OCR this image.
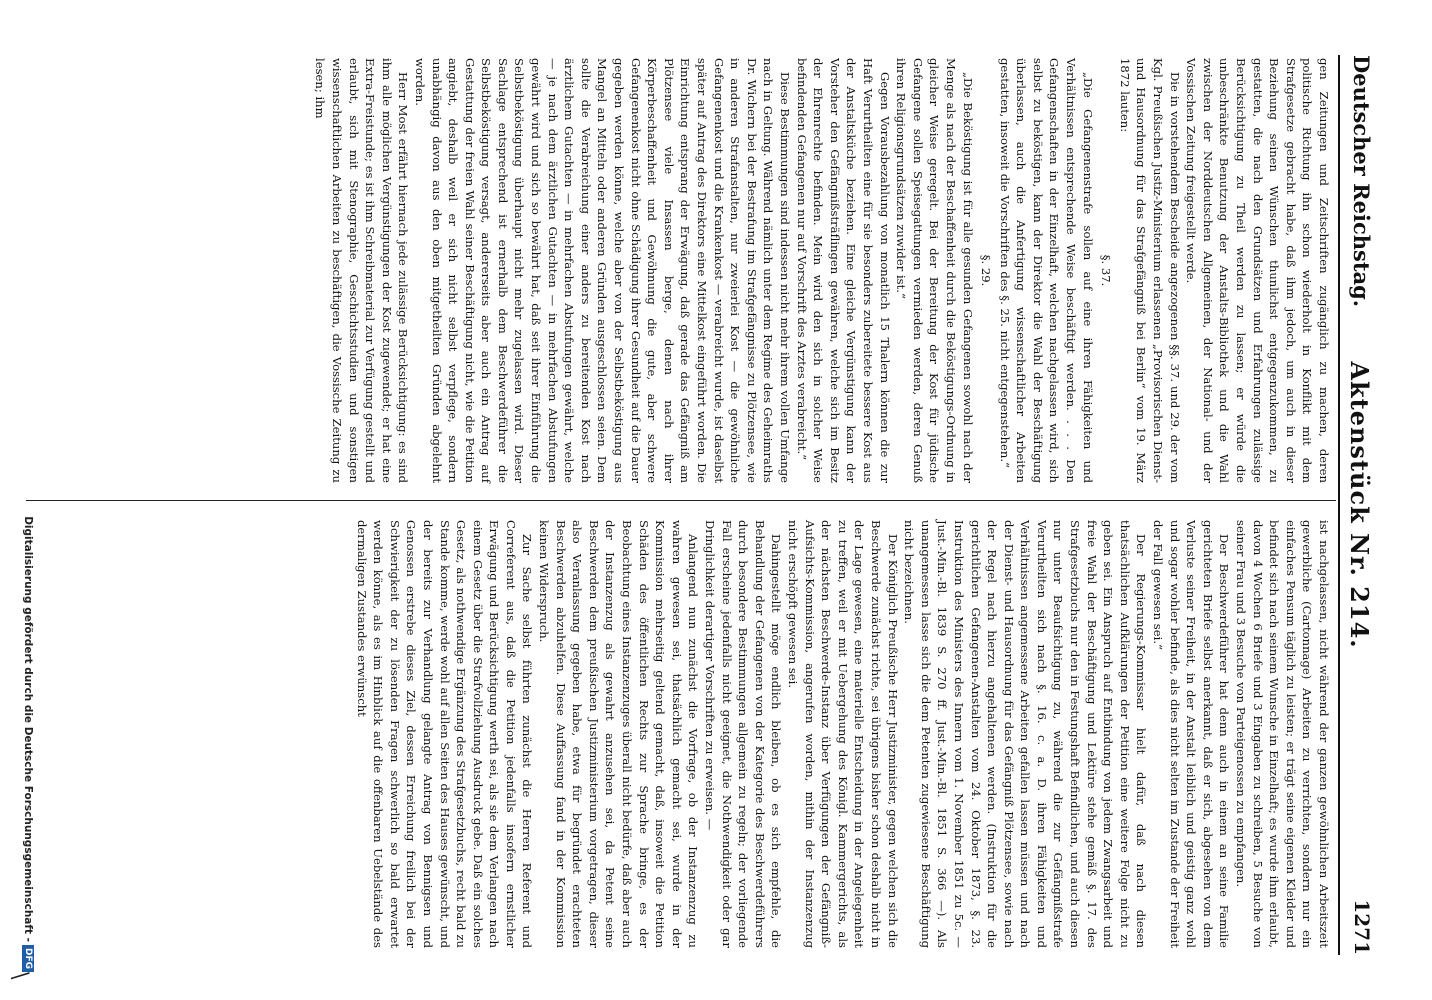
\
Deutscher Reichstag.
Aktenstück Nr. 214.
1271

gen Zeitungen und Zeitschriften zugänglich zu machen, deren politische Richtung ihn schon wiederholt in Konflikt mit dem Strafgesetze gebracht habe, daß ihm jedoch, um auch in dieser Beziehung seinen Wünschen thunlichst entgegenzukommen, zu gestatten, die nach den Grundsätzen und Erfahrungen zulässige Berücksichtigung zu Theil werden zu lassen; er würde die unbeschränkte Benutzung der Anstalts-Bibliothek und die Wahl zwischen der Norddeutschen Allgemeinen, der National- und der Vossischen Zeitung freigestellt werde.

Die in vorstehendem Bescheide angezogenen §§. 37. und 29. der vom Kgl. Preußischen Justiz-Ministerium erlassenen „Provisorischen Dienst- und Hausordnung für das Strafgefängniß bei Berlin“ vom 19. März 1872 lauten:

§. 37.

„Die Gefangenenstrafe sollen auf eine ihren Fähigkeiten und Verhältnissen entsprechende Weise beschäftigt werden. . . . Den Gefangenschaften in der Einzelhaft, welchen nachgelassen wird, sich selbst zu beköstigen, kann der Direktor die Wahl der Beschäftigung überlassen, auch die Anfertigung wissenschaftlicher Arbeiten gestatten, insoweit die Vorschriften des §. 25. nicht entgegenstehen.“

§. 29.

„Die Beköstigung ist für alle gesunden Gefangenen sowohl nach der Menge als nach der Beschaffenheit durch die Beköstigungs-Ordnung in gleicher Weise geregelt. Bei der Bereitung der Kost für jüdische Gefangene sollen Speisegattungen vermieden werden, deren Genuß ihren Religionsgrundsätzen zuwider ist.“

Gegen Vorausbezahlung von monatlich 15 Thalern können die zur Haft Verurtheilten eine für sie besonders zubereitete bessere Kost aus der Anstaltsküche beziehen. Eine gleiche Vergünstigung kann der Vorsteher den Gefängnißsträflingen gewähren, welche sich im Besitz der Ehrenrechte befinden. Mein wird den sich in solcher Weise befindenden Gefangenen nur auf Vorschrift des Arztes verabreicht.“

Diese Bestimmungen sind indessen nicht mehr ihrem vollen Umfange nach in Geltung. Während nämlich unter dem Regime des Geheimraths Dr. Wichern bei der Bestrafung im Strafgefängnisse zu Plötzensee, wie in anderen Strafanstalten, nur zweierlei Kost — die gewöhnliche Gefangenenkost und die Krankenkost — verabreicht wurde, ist daselbst später auf Antrag des Direktors eine Mittelkost eingeführt worden. Die Einrichtung entsprang der Erwägung, daß gerade das Gefängniß am Plötzensee viele Insassen berge, denen nach ihrer Körperbeschaffenheit und Gewöhnung die gute, aber schwere Gefangenenkost nicht ohne Schädigung ihrer Gesundheit auf die Dauer gegeben werden könne, welche aber von der Selbstbeköstigung aus Mangel an Mitteln oder anderen Gründen ausgeschlossen seien. Dem sollte die Verabreichung einer anders zu bereitenden Kost nach ärztlichem Gutachten — in mehrfachen Abstufungen gewährt, welche — je nach dem ärztlichen Gutachten — in mehrfachen Abstufungen gewährt wird und sich so bewährt hat, daß seit ihrer Einführung die Selbstbeköstigung überhaupt nicht mehr zugelassen wird. Dieser Sachlage entsprechend ist ernerhalb dem Beschwerdeführer die Selbstbeköstigung versagt, andererseits aber auch ein Antrag auf Gestattung der freien Wahl seiner Beschäftigung nicht, wie die Petition angiebt, deshalb weil er sich nicht selbst verpflege, sondern unabhängig davon aus den oben mitgetheilten Gründen abgelehnt worden.

Herr Most erfährt hiernach jede zulässige Berücksichtigung: es sind ihm alle möglichen Vergünstigungen der Kost zugewendet; er hat eine Extra-Freistunde; es ist ihm Schreibmaterial zur Verfügung gestellt und erlaubt, sich mit Stenographie, Geschichtsstudien und sonstigen wissenschaftlichen Arbeiten zu beschäftigen, die Vossische Zeitung zu lesen; ihm

ist nachgelassen, nicht während der ganzen gewöhnlichen Arbeitszeit gewerbliche (Cartonnage) Arbeiten zu verrichten, sondern nur ein einfaches Pensum täglich zu leisten; er trägt seine eigenen Kleider und befindet sich nach seinem Wunsche in Einzelhaft; es wurde ihm erlaubt, davon 4 Wochen 6 Briefe und 3 Eingaben zu schreiben, 5 Besuche von seiner Frau und 3 Besuche von Parteigenossen zu empfangen.

Der Beschwerdeführer hat denn auch in einem an seine Familie gerichteten Briefe selbst anerkannt, daß er sich, abgesehen von dem Verluste seiner Freiheit, in der Anstalt leiblich und geistig ganz wohl und sogar wohler befinde, als dies nicht selten im Zustande der Freiheit der Fall gewesen sei.“

Der Regierungs-Kommissar hielt dafür, daß nach diesen thatsächlichen Aufklärungen der Petition eine weitere Folge nicht zu geben sei. Ein Anspruch auf Entbindung von jedem Zwangsarbeit und freie Wahl der Beschäftigung und Lektüre stehe gemäß §. 17. des Strafgesetzbuchs nur den in Festungshaft Befindlichen, und auch diesen nur unter Beaufsichtigung zu, während die zur Gefängnißstrafe Verurtheilten sich nach §. 16. c. a. D. ihren Fähigkeiten und Verhältnissen angemessene Arbeiten gefallen lassen müssen und nach der Dienst- und Hausordnung für das Gefängniß Plötzensee, sowie nach der Regel nach hierzu angehaltenen werden. (Instruktion für die gerichtlichen Gefangenen-Anstalten vom 24. Oktober 1873, §. 23. Instruktion des Ministers des Innern vom 1. November 1851 zu 5c. — Just.-Min.-Bl. 1839 S. 270 ff. Just.-Min.-Bl. 1851 S. 366 —). Als unangemessen lasse sich die dem Petenten zugewiesene Beschäftigung nicht bezeichnen.

Der Königlich Preußische Herr Justizminister, gegen welchen sich die Beschwerde zunächst richte, sei übrigens bisher schon deshalb nicht in der Lage gewesen, eine materielle Entscheidung in der Angelegenheit zu treffen, weil er mit Uebergehung des Königl. Kammergerichts, als der nächsten Beschwerde-Instanz über Verfügungen der Gefängniß-Aufsichts-Kommission, angerufen worden, mithin der Instanzenzug nicht erschöpft gewesen sei.

Dahingestellt möge endlich bleiben, ob es sich empfehle, die Behandlung der Gefangenen von der Kategorie des Beschwerdeführers durch besondere Bestimmungen allgemein zu regeln; der vorliegende Fall erscheine jedenfalls nicht geeignet, die Nothwendigkeit oder gar Dringlichkeit derartiger Vorschriften zu erweisen. —

Anlangend nun zunächst die Vorfrage, ob der Instanzenzug zu wahren gewesen sei, thatsächlich gemacht sei, wurde in der Kommission mehrseitig geltend gemacht, daß, insoweit die Petition Schäden des öffentlichen Rechts zur Sprache bringe, es der Beobachtung eines Instanzenzuges überall nicht bedürfe, daß aber auch der Instanzenzug als gewahrt anzusehen sei, da Petent seine Beschwerden dem preußischen Justizministerium vorgetragen, dieser also Veranlassung gegeben habe, etwa für begründet erachteten Beschwerden abzuhelfen. Diese Auffassung fand in der Kommission keinen Widerspruch.

Zur Sache selbst führten zunächst die Herren Referent und Correferent aus, daß die Petition jedenfalls insofern ernstlicher Erwägung und Berücksichtigung werth sei, als sie dem Verlangen nach einem Gesetz über die Strafvollziehung Ausdruck gebe. Daß ein solches Gesetz, als nothwendige Ergänzung des Strafgesetzbuchs, recht bald zu Stande komme, werde wohl auf allen Seiten des Hauses gewünscht, und der bereits zur Verhandlung gelangte Antrag von Bennigsen und Genossen erstrebe dieses Ziel, dessen Erreichung freilich bei der Schwierigkeit der zu lösenden Fragen schwerlich so bald erwartet werden könne, als es im Hinblick auf die offenbaren Uebelstände des dermaligen Zustandes erwünscht

Digitalisierung gefördert durch die Deutsche Forschungsgemeinschaft -DFG
